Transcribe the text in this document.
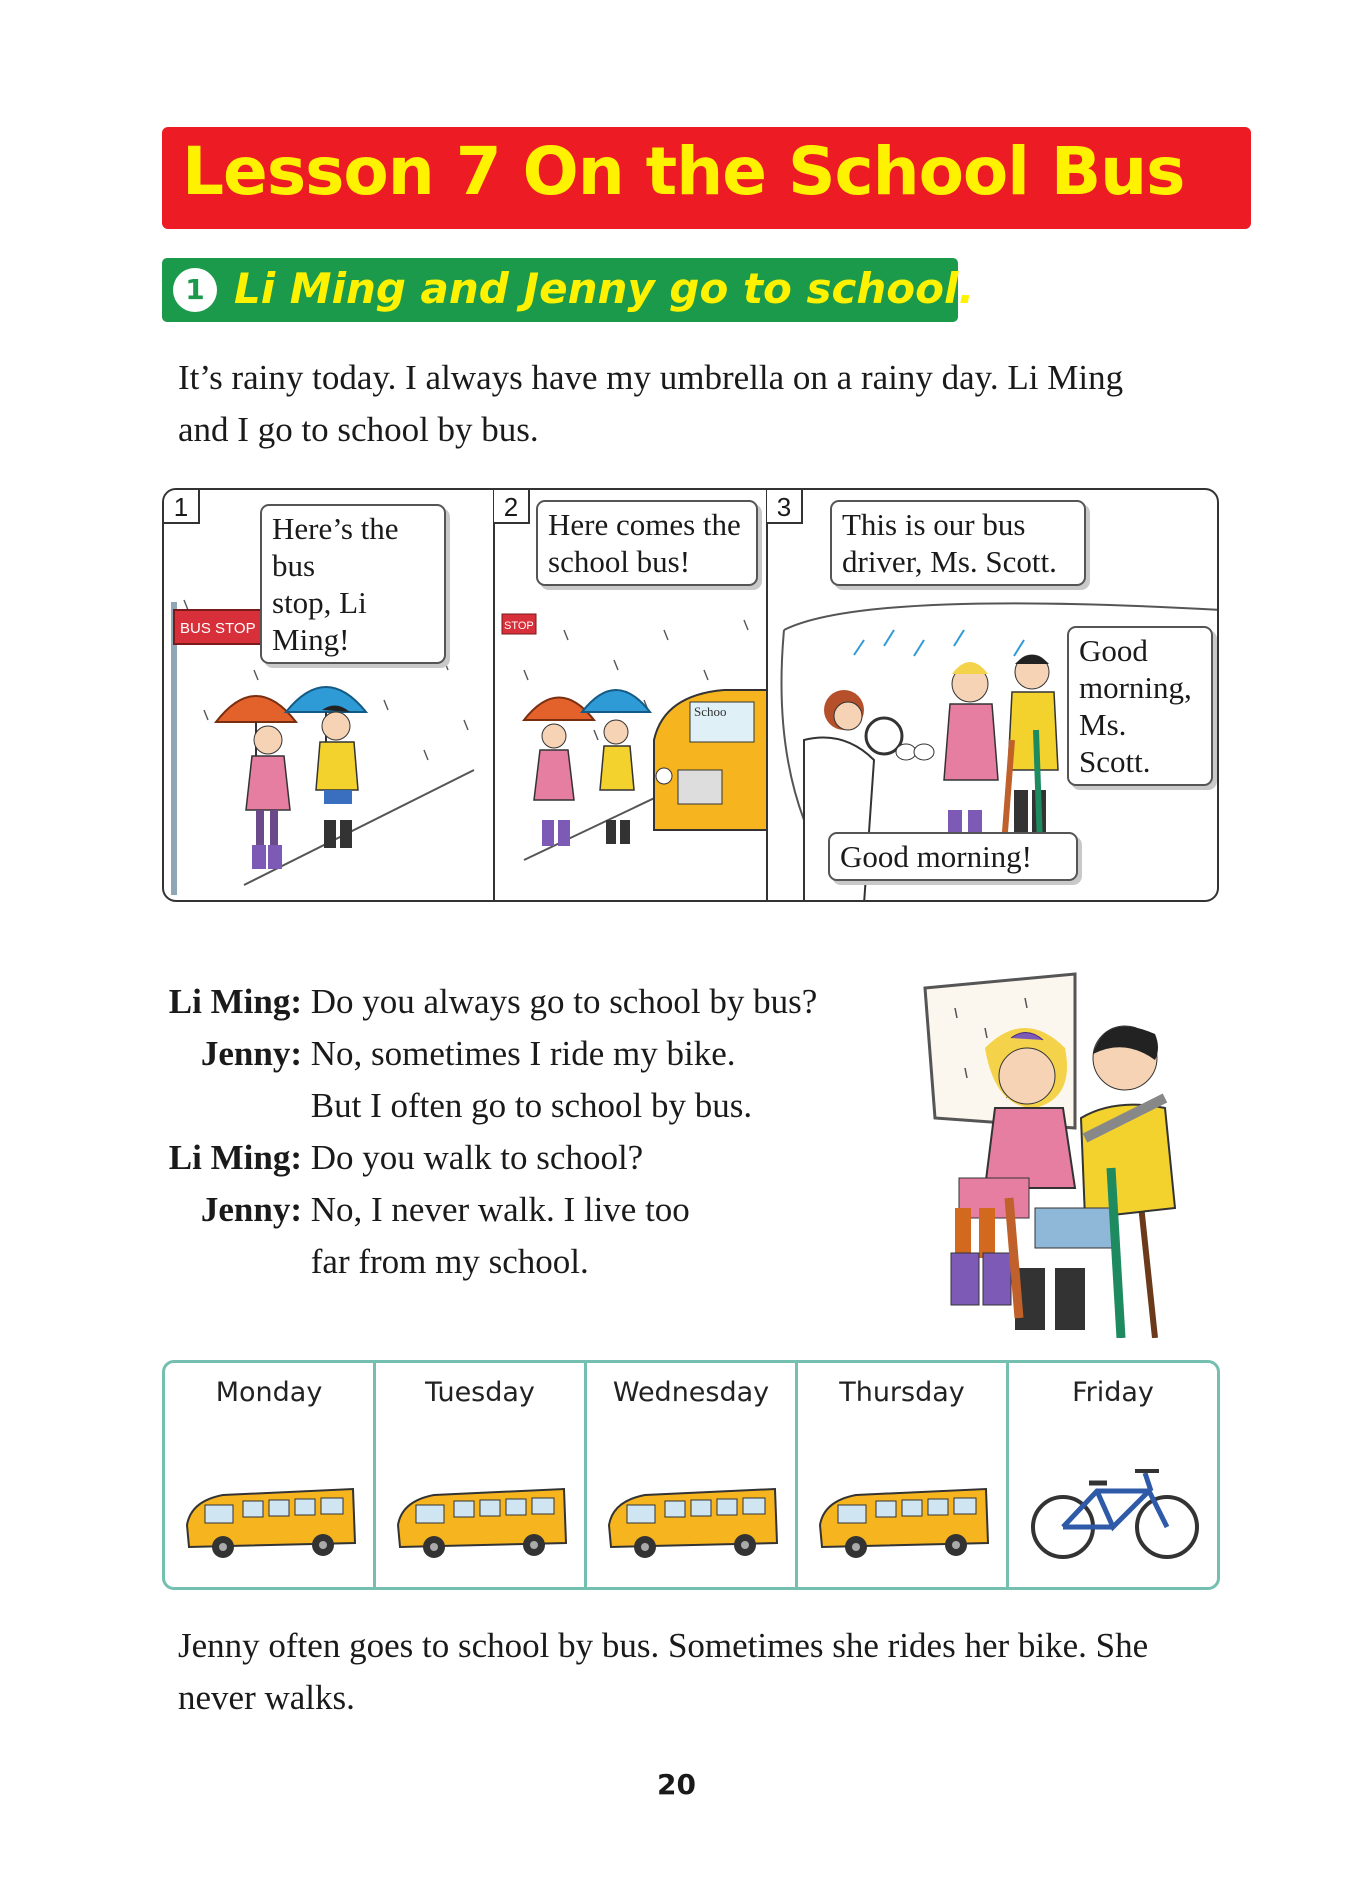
Lesson 7 On the School Bus
1 Li Ming and Jenny go to school.
It’s rainy today. I always have my umbrella on a rainy day. Li Ming
and I go to school by bus.
BUS STOP	STOP
Schoo
1	2	3
Here’s the bus
stop, Li Ming!
Here comes the
school bus!
This is our bus
driver, Ms. Scott.
Good
morning,
Ms. Scott.
Good morning!
Li Ming: Do you always go to school by bus?
Jenny: No, sometimes I ride my bike.
But I often go to school by bus.
Li Ming: Do you walk to school?
Jenny: No, I never walk. I live too
far from my school.
Monday	Tuesday	Wednesday	Thursday	Friday
Jenny often goes to school by bus. Sometimes she rides her bike. She
never walks.
20
